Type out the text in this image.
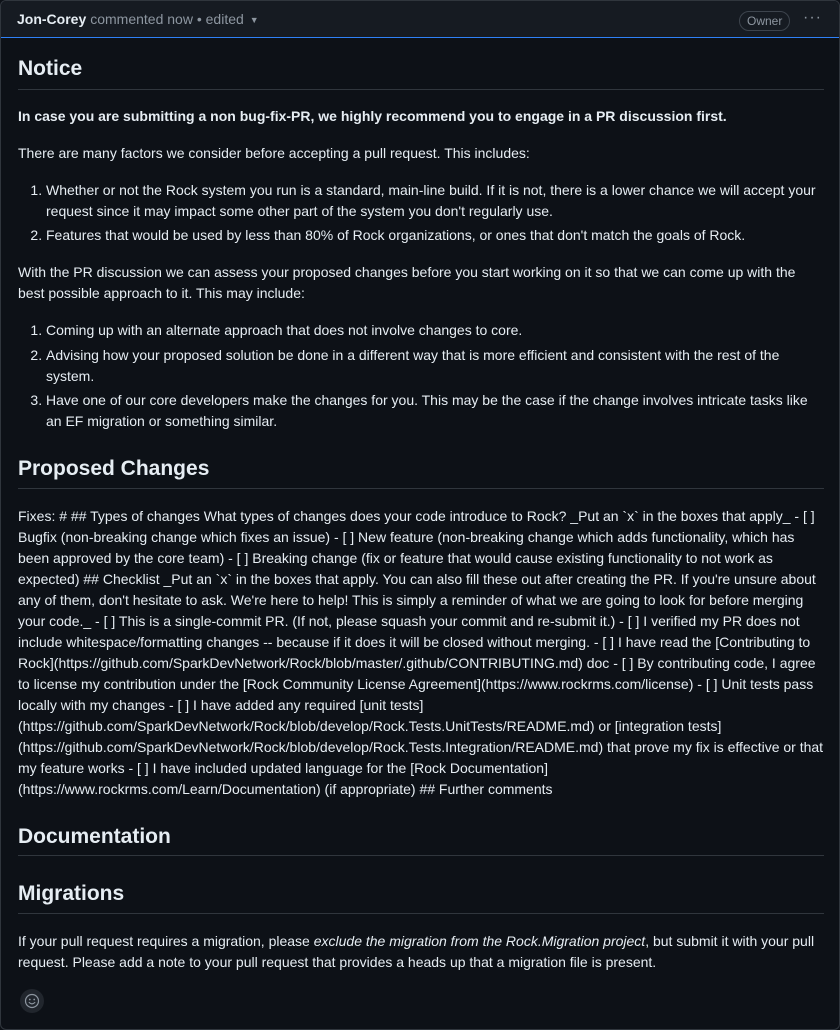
Jon-Corey commented now • edited ▼	Owner	···
Notice

In case you are submitting a non bug-fix-PR, we highly recommend you to engage in a PR discussion first.

There are many factors we consider before accepting a pull request. This includes:

1. Whether or not the Rock system you run is a standard, main-line build. If it is not, there is a lower chance we will accept your request since it may impact some other part of the system you don't regularly use.
2. Features that would be used by less than 80% of Rock organizations, or ones that don't match the goals of Rock.

With the PR discussion we can assess your proposed changes before you start working on it so that we can come up with the best possible approach to it. This may include:

1. Coming up with an alternate approach that does not involve changes to core.
2. Advising how your proposed solution be done in a different way that is more efficient and consistent with the rest of the system.
3. Have one of our core developers make the changes for you. This may be the case if the change involves intricate tasks like an EF migration or something similar.
Proposed Changes

Fixes: # ## Types of changes What types of changes does your code introduce to Rock? _Put an `x` in the boxes that apply_ - [ ] Bugfix (non-breaking change which fixes an issue) - [ ] New feature (non-breaking change which adds functionality, which has been approved by the core team) - [ ] Breaking change (fix or feature that would cause existing functionality to not work as expected) ## Checklist _Put an `x` in the boxes that apply. You can also fill these out after creating the PR. If you're unsure about any of them, don't hesitate to ask. We're here to help! This is simply a reminder of what we are going to look for before merging your code._ - [ ] This is a single-commit PR. (If not, please squash your commit and re-submit it.) - [ ] I verified my PR does not include whitespace/formatting changes -- because if it does it will be closed without merging. - [ ] I have read the [Contributing to Rock](https://github.com/SparkDevNetwork/Rock/blob/master/.github/CONTRIBUTING.md) doc - [ ] By contributing code, I agree to license my contribution under the [Rock Community License Agreement](https://www.rockrms.com/license) - [ ] Unit tests pass locally with my changes - [ ] I have added any required [unit tests](https://github.com/SparkDevNetwork/Rock/blob/develop/Rock.Tests.UnitTests/README.md) or [integration tests](https://github.com/SparkDevNetwork/Rock/blob/develop/Rock.Tests.Integration/README.md) that prove my fix is effective or that my feature works - [ ] I have included updated language for the [Rock Documentation](https://www.rockrms.com/Learn/Documentation) (if appropriate) ## Further comments

Documentation
Migrations

If your pull request requires a migration, please exclude the migration from the Rock.Migration project, but submit it with your pull request. Please add a note to your pull request that provides a heads up that a migration file is present.
